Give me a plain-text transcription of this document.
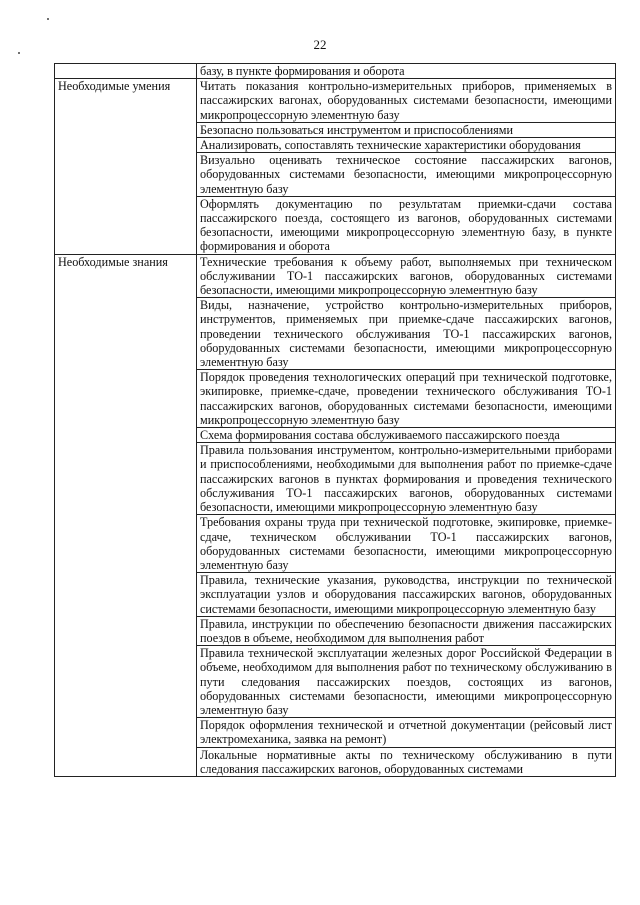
22
	базу, в пункте формирования и оборота
Необходимые умения	Читать показания контрольно-измерительных приборов, применяемых в пассажирских вагонах, оборудованных системами безопасности, имеющими микропроцессорную элементную базу
	Безопасно пользоваться инструментом и приспособлениями
	Анализировать, сопоставлять технические характеристики оборудования
	Визуально оценивать техническое состояние пассажирских вагонов, оборудованных системами безопасности, имеющими микропроцессорную элементную базу
	Оформлять документацию по результатам приемки-сдачи состава пассажирского поезда, состоящего из вагонов, оборудованных системами безопасности, имеющими микропроцессорную элементную базу, в пункте формирования и оборота
Необходимые знания	Технические требования к объему работ, выполняемых при техническом обслуживании ТО-1 пассажирских вагонов, оборудованных системами безопасности, имеющими микропроцессорную элементную базу
	Виды, назначение, устройство контрольно-измерительных приборов, инструментов, применяемых при приемке-сдаче пассажирских вагонов, проведении технического обслуживания ТО-1 пассажирских вагонов, оборудованных системами безопасности, имеющими микропроцессорную элементную базу
	Порядок проведения технологических операций при технической подготовке, экипировке, приемке-сдаче, проведении технического обслуживания ТО-1 пассажирских вагонов, оборудованных системами безопасности, имеющими микропроцессорную элементную базу
	Схема формирования состава обслуживаемого пассажирского поезда
	Правила пользования инструментом, контрольно-измерительными приборами и приспособлениями, необходимыми для выполнения работ по приемке-сдаче пассажирских вагонов в пунктах формирования и проведения технического обслуживания ТО-1 пассажирских вагонов, оборудованных системами безопасности, имеющими микропроцессорную элементную базу
	Требования охраны труда при технической подготовке, экипировке, приемке-сдаче, техническом обслуживании ТО-1 пассажирских вагонов, оборудованных системами безопасности, имеющими микропроцессорную элементную базу
	Правила, технические указания, руководства, инструкции по технической эксплуатации узлов и оборудования пассажирских вагонов, оборудованных системами безопасности, имеющими микропроцессорную элементную базу
	Правила, инструкции по обеспечению безопасности движения пассажирских поездов в объеме, необходимом для выполнения работ
	Правила технической эксплуатации железных дорог Российской Федерации в объеме, необходимом для выполнения работ по техническому обслуживанию в пути следования пассажирских поездов, состоящих из вагонов, оборудованных системами безопасности, имеющими микропроцессорную элементную базу
	Порядок оформления технической и отчетной документации (рейсовый лист электромеханика, заявка на ремонт)
	Локальные нормативные акты по техническому обслуживанию в пути следования пассажирских вагонов, оборудованных системами
